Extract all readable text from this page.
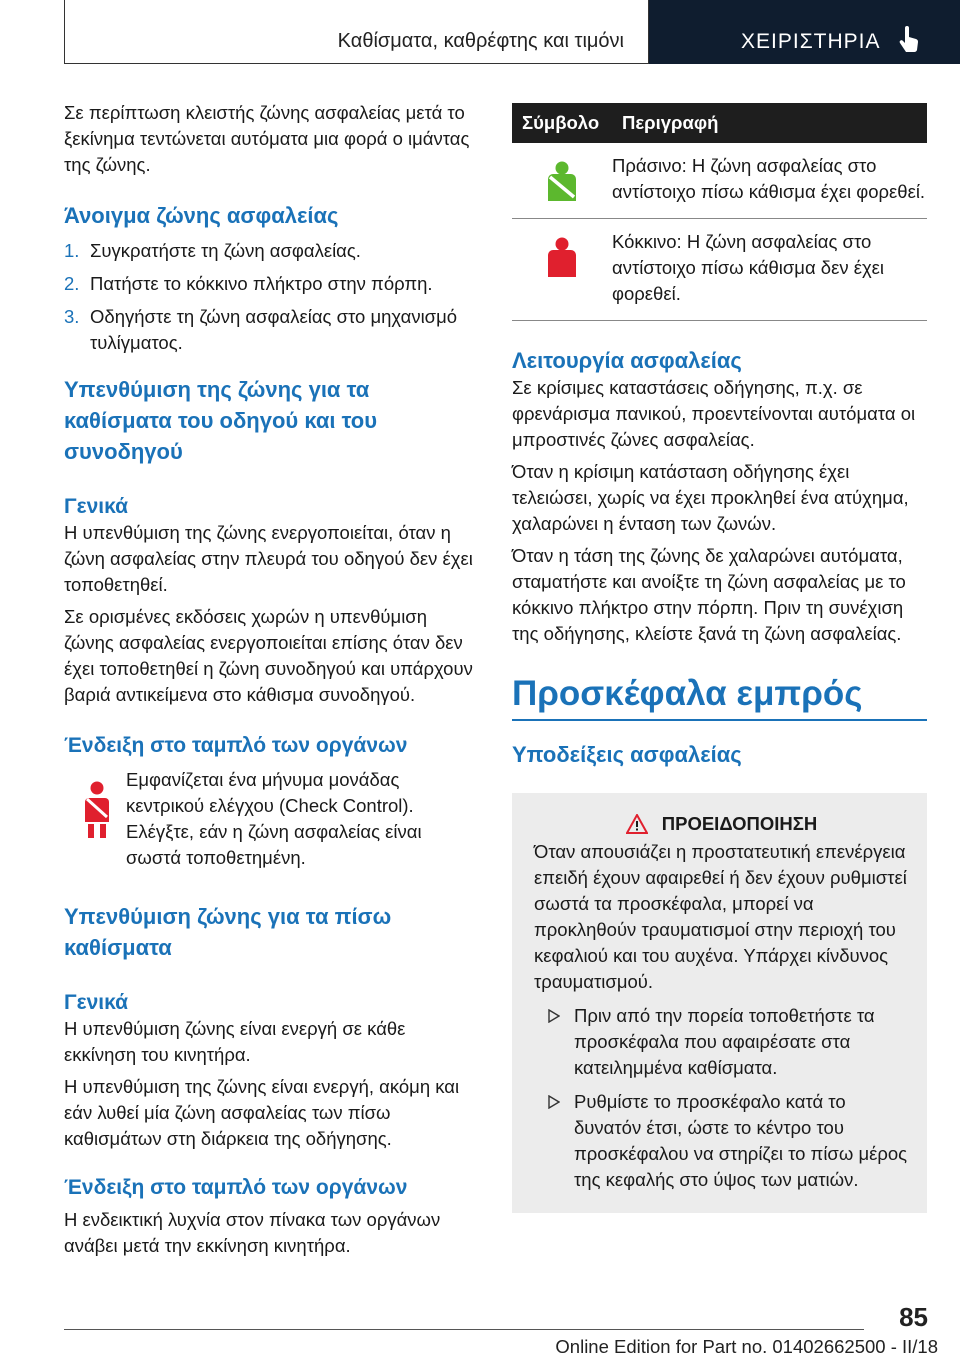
Καθίσματα, καθρέφτης και τιμόνι	ΧΕΙΡΙΣΤΗΡΙΑ

Σε περίπτωση κλειστής ζώνης ασφαλείας μετά το ξεκίνημα τεντώνεται αυτόματα μια φορά ο ιμάντας της ζώνης.

Άνοιγμα ζώνης ασφαλείας
1. Συγκρατήστε τη ζώνη ασφαλείας.
2. Πατήστε το κόκκινο πλήκτρο στην πόρπη.
3. Οδηγήστε τη ζώνη ασφαλείας στο μηχανισμό τυλίγματος.
Υπενθύμιση της ζώνης για τα καθίσματα του οδηγού και του συνοδηγού
Γενικά

Η υπενθύμιση της ζώνης ενεργοποιείται, όταν η ζώνη ασφαλείας στην πλευρά του οδηγού δεν έχει τοποθετηθεί.

Σε ορισμένες εκδόσεις χωρών η υπενθύμιση ζώνης ασφαλείας ενεργοποιείται επίσης όταν δεν έχει τοποθετηθεί η ζώνη συνοδηγού και υπάρχουν βαριά αντικείμενα στο κάθισμα συνοδηγού.

Ένδειξη στο ταμπλό των οργάνων

Εμφανίζεται ένα μήνυμα μονάδας κεντρικού ελέγχου (Check Control). Ελέγξτε, εάν η ζώνη ασφαλείας είναι σωστά τοποθετημένη.

Υπενθύμιση ζώνης για τα πίσω καθίσματα
Γενικά

Η υπενθύμιση ζώνης είναι ενεργή σε κάθε εκκίνηση του κινητήρα.

Η υπενθύμιση της ζώνης είναι ενεργή, ακόμη και εάν λυθεί μία ζώνη ασφαλείας των πίσω καθισμάτων στη διάρκεια της οδήγησης.

Ένδειξη στο ταμπλό των οργάνων

Η ενδεικτική λυχνία στον πίνακα των οργάνων ανάβει μετά την εκκίνηση κινητήρα.

Σύμβολο	Περιγραφή
	Πράσινο: Η ζώνη ασφαλείας στο αντίστοιχο πίσω κάθισμα έχει φορεθεί.
	Κόκκινο: Η ζώνη ασφαλείας στο αντίστοιχο πίσω κάθισμα δεν έχει φορεθεί.
Λειτουργία ασφαλείας

Σε κρίσιμες καταστάσεις οδήγησης, π.χ. σε φρενάρισμα πανικού, προεντείνονται αυτόματα οι μπροστινές ζώνες ασφαλείας.

Όταν η κρίσιμη κατάσταση οδήγησης έχει τελειώσει, χωρίς να έχει προκληθεί ένα ατύχημα, χαλαρώνει η ένταση των ζωνών.

Όταν η τάση της ζώνης δε χαλαρώνει αυτόματα, σταματήστε και ανοίξτε τη ζώνη ασφαλείας με το κόκκινο πλήκτρο στην πόρπη. Πριν τη συνέχιση της οδήγησης, κλείστε ξανά τη ζώνη ασφαλείας.

Προσκέφαλα εμπρός
Υποδείξεις ασφαλείας
ΠΡΟΕΙΔΟΠΟΙΗΣΗ

Όταν απουσιάζει η προστατευτική επενέργεια επειδή έχουν αφαιρεθεί ή δεν έχουν ρυθμιστεί σωστά τα προσκέφαλα, μπορεί να προκληθούν τραυματισμοί στην περιοχή του κεφαλιού και του αυχένα. Υπάρχει κίνδυνος τραυματισμού.

Πριν από την πορεία τοποθετήστε τα προσκέφαλα που αφαιρέσατε στα κατειλημμένα καθίσματα.
Ρυθμίστε το προσκέφαλο κατά το δυνατόν έτσι, ώστε το κέντρο του προσκέφαλου να στηρίζει το πίσω μέρος της κεφαλής στο ύψος των ματιών.
85
Online Edition for Part no. 01402662500 - II/18
